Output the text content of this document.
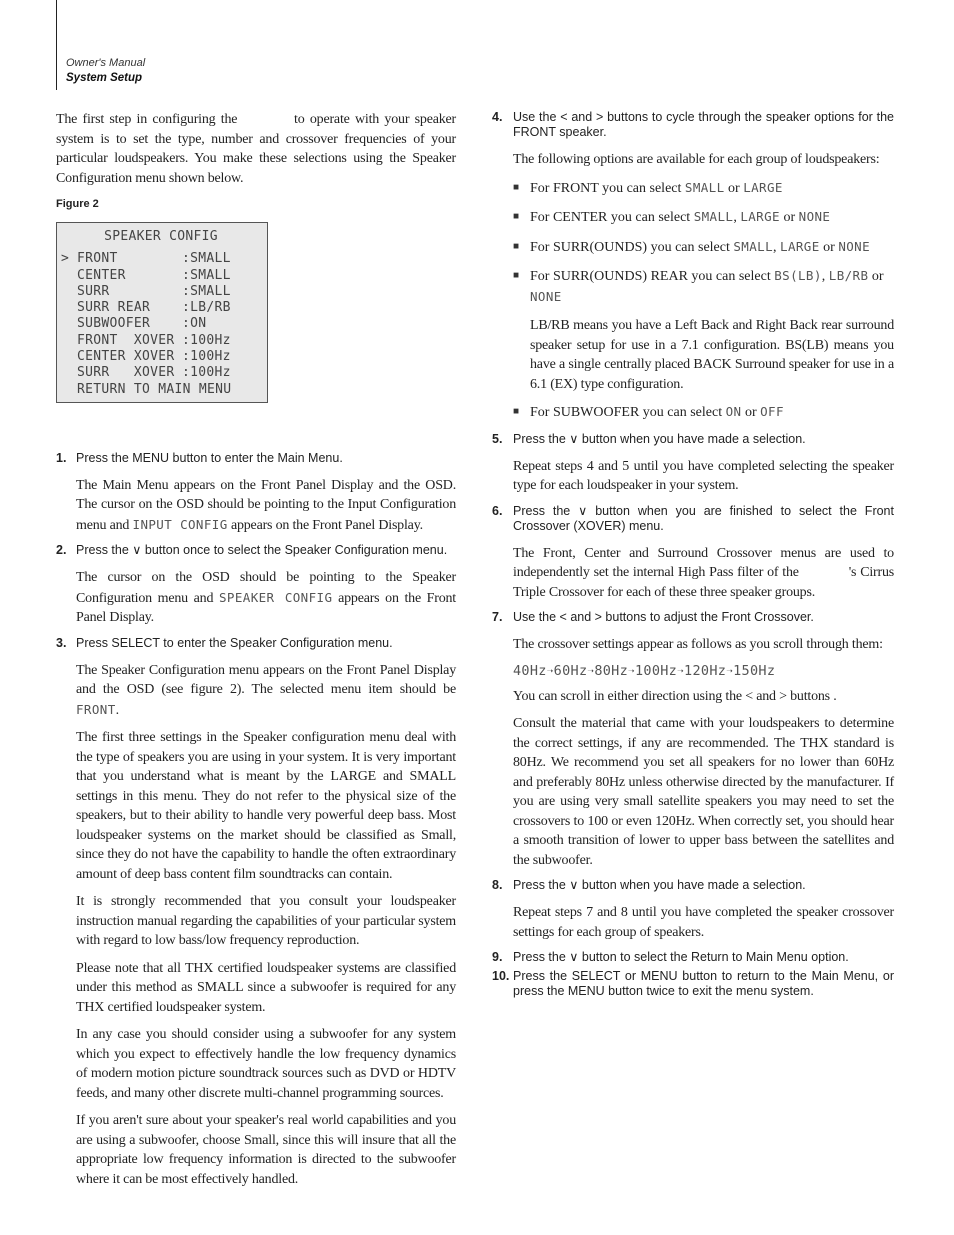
Owner's Manual
System Setup

The first step in configuring the	to operate with your speaker system is to set the type, number and crossover frequencies of your particular loudspeakers. You make these selections using the Speaker Configuration menu shown below.

Figure 2
SPEAKER CONFIG
> FRONT	:SMALL
CENTER	:SMALL
SURR	:SMALL
SURR REAR	:LB/RB
SUBWOOFER	:ON
FRONT  XOVER :100Hz
CENTER XOVER :100Hz
SURR   XOVER :100Hz
RETURN TO MAIN MENU
1. Press the MENU button to enter the Main Menu.

The Main Menu appears on the Front Panel Display and the OSD. The cursor on the OSD should be pointing to the Input Configuration menu and INPUT CONFIG appears on the Front Panel Display.

2. Press the ∨ button once to select the Speaker Configuration menu.

The cursor on the OSD should be pointing to the Speaker Configuration menu and SPEAKER CONFIG appears on the Front Panel Display.

3. Press SELECT to enter the Speaker Configuration menu.

The Speaker Configuration menu appears on the Front Panel Display and the OSD (see figure 2). The selected menu item should be FRONT.

The first three settings in the Speaker configuration menu deal with the type of speakers you are using in your system. It is very important that you understand what is meant by the LARGE and SMALL settings in this menu. They do not refer to the physical size of the speakers, but to their ability to handle very powerful deep bass. Most loudspeaker systems on the market should be classified as Small, since they do not have the capability to handle the often extraordinary amount of deep bass content film soundtracks can contain.

It is strongly recommended that you consult your loudspeaker instruction manual regarding the capabilities of your particular system with regard to low bass/low frequency reproduction.

Please note that all THX certified loudspeaker systems are classified under this method as SMALL since a subwoofer is required for any THX certified loudspeaker system.

In any case you should consider using a subwoofer for any system which you expect to effectively handle the low frequency dynamics of modern motion picture soundtrack sources such as DVD or HDTV feeds, and many other discrete multi-channel programming sources.

If you aren't sure about your speaker's real world capabilities and you are using a subwoofer, choose Small, since this will insure that all the appropriate low frequency information is directed to the subwoofer where it can be most effectively handled.

4. Use the < and > buttons to cycle through the speaker options for the FRONT speaker.

The following options are available for each group of loudspeakers:

■ For FRONT you can select SMALL or LARGE
■ For CENTER you can select SMALL, LARGE or NONE
■ For SURR(OUNDS) you can select SMALL, LARGE or NONE
■ For SURR(OUNDS) REAR you can select BS(LB), LB/RB or NONE

LB/RB means you have a Left Back and Right Back rear surround speaker setup for use in a 7.1 configuration. BS(LB) means you have a single centrally placed BACK Surround speaker for use in a 6.1 (EX) type configuration.

■ For SUBWOOFER you can select ON or OFF
5. Press the ∨ button when you have made a selection.

Repeat steps 4 and 5 until you have completed selecting the speaker type for each loudspeaker in your system.

6. Press the ∨ button when you are finished to select the Front Crossover (XOVER) menu.

The Front, Center and Surround Crossover menus are used to independently set the internal High Pass filter of the	's Cirrus Triple Crossover for each of these three speaker groups.

7. Use the < and > buttons to adjust the Front Crossover.

The crossover settings appear as follows as you scroll through them:

40Hz➝60Hz➝80Hz➝100Hz➝120Hz➝150Hz

You can scroll in either direction using the < and > buttons .

Consult the material that came with your loudspeakers to determine the correct settings, if any are recommended. The THX standard is 80Hz. We recommend you set all speakers for no lower than 60Hz and preferably 80Hz unless otherwise directed by the manufacturer. If you are using very small satellite speakers you may need to set the crossovers to 100 or even 120Hz. When correctly set, you should hear a smooth transition of lower to upper bass between the satellites and the subwoofer.

8. Press the ∨ button when you have made a selection.

Repeat steps 7 and 8 until you have completed the speaker crossover settings for each group of speakers.

9. Press the ∨ button to select the Return to Main Menu option.
10. Press the SELECT or MENU button to return to the Main Menu, or press the MENU button twice to exit the menu system.
